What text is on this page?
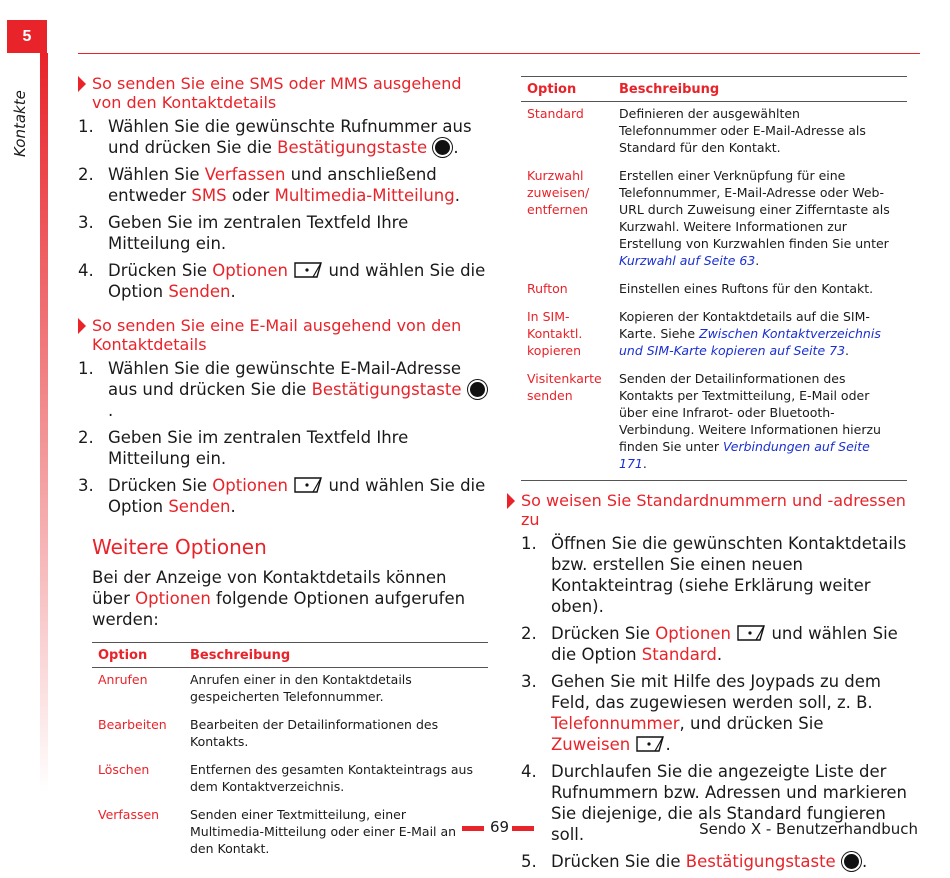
5
Kontakte
So senden Sie eine SMS oder MMS ausgehend von den Kontaktdetails
1. Wählen Sie die gewünschte Rufnummer aus und drücken Sie die Bestätigungstaste .
2. Wählen Sie Verfassen und anschließend entweder SMS oder Multimedia-Mitteilung.
3. Geben Sie im zentralen Textfeld Ihre Mitteilung ein.
4. Drücken Sie Optionen  und wählen Sie die Option Senden.
So senden Sie eine E-Mail ausgehend von den Kontaktdetails
1. Wählen Sie die gewünschte E-Mail-Adresse aus und drücken Sie die Bestätigungstaste .
2. Geben Sie im zentralen Textfeld Ihre Mitteilung ein.
3. Drücken Sie Optionen  und wählen Sie die Option Senden.

Weitere Optionen

Bei der Anzeige von Kontaktdetails können über Optionen folgende Optionen aufgerufen werden:

Option	Beschreibung
Anrufen	Anrufen einer in den Kontaktdetails gespeicherten Telefonnummer.
Bearbeiten	Bearbeiten der Detailinformationen des Kontakts.
Löschen	Entfernen des gesamten Kontakteintrags aus dem Kontaktverzeichnis.
Verfassen	Senden einer Textmitteilung, einer Multimedia-Mitteilung oder einer E-Mail an den Kontakt.
Option	Beschreibung
Standard	Definieren der ausgewählten Telefonnummer oder E-Mail-Adresse als Standard für den Kontakt.
Kurzwahl zuweisen/ entfernen	Erstellen einer Verknüpfung für eine Telefonnummer, E-Mail-Adresse oder Web-URL durch Zuweisung einer Zifferntaste als Kurzwahl. Weitere Informationen zur Erstellung von Kurzwahlen finden Sie unter Kurzwahl auf Seite 63.
Rufton	Einstellen eines Ruftons für den Kontakt.
In SIM-Kontaktl. kopieren	Kopieren der Kontaktdetails auf die SIM-Karte. Siehe Zwischen Kontaktverzeichnis und SIM-Karte kopieren auf Seite 73.
Visitenkarte senden	Senden der Detailinformationen des Kontakts per Textmitteilung, E-Mail oder über eine Infrarot- oder Bluetooth-Verbindung. Weitere Informationen hierzu finden Sie unter Verbindungen auf Seite 171.
So weisen Sie Standardnummern und -adressen zu
1. Öffnen Sie die gewünschten Kontaktdetails bzw. erstellen Sie einen neuen Kontakteintrag (siehe Erklärung weiter oben).
2. Drücken Sie Optionen  und wählen Sie die Option Standard.
3. Gehen Sie mit Hilfe des Joypads zu dem Feld, das zugewiesen werden soll, z. B. Telefonnummer, und drücken Sie Zuweisen .
4. Durchlaufen Sie die angezeigte Liste der Rufnummern bzw. Adressen und markieren Sie diejenige, die als Standard fungieren soll.
5. Drücken Sie die Bestätigungstaste .
69	Sendo X - Benutzerhandbuch
